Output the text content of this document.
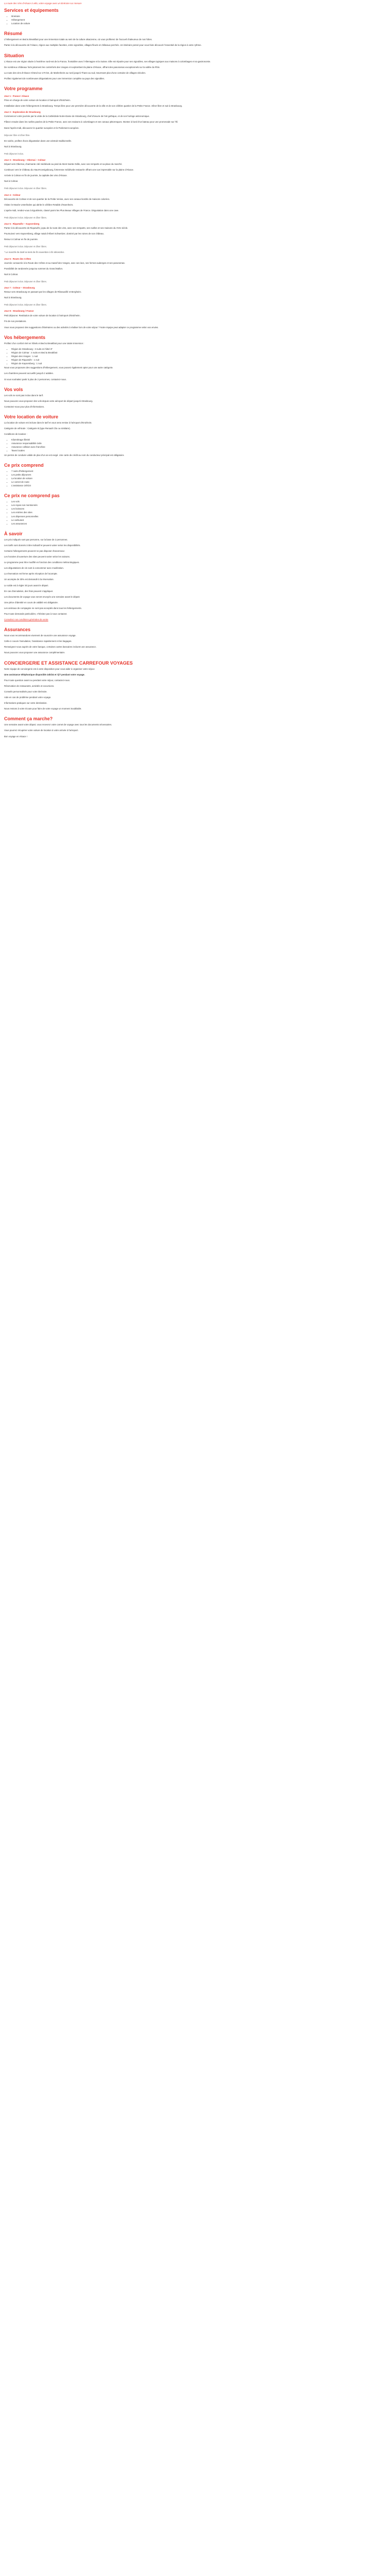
La route des Vins d'Alsace à vélo, votre voyage avec un itinéraire sur mesure
Services et équipements
• Itinéraire
• Hébergement
• Location de voiture
Résumé

L'hébergement en Bed & Breakfast pour une immersion totale au sein de la culture alsacienne, où vous profiterez de l'accueil chaleureux de nos hôtes.

Partez à la découverte de l'Alsace, région aux multiples facettes, entre vignobles, villages fleuris et châteaux perchés. Un itinéraire pensé pour vous faire découvrir l'essentiel de la région à votre rythme.

Situation

L'Alsace est une région située à l'extrême nord-est de la France, frontalière avec l'Allemagne et la Suisse. Elle est réputée pour ses vignobles, ses villages typiques aux maisons à colombages et sa gastronomie.

De nombreux châteaux forts jalonnent les contreforts des Vosges et surplombent la plaine d'Alsace, offrant des panoramas exceptionnels sur la vallée du Rhin.

La route des vins d'Alsace s'étend sur 170 km, de Marlenheim au nord jusqu'à Thann au sud, traversant plus d'une centaine de villages viticoles.

Profitez également de nombreuses dégustations pour une immersion complète au pays des vignobles.

Votre programme
Jour 1 : France / Alsace

Prise en charge de votre voiture de location à l'aéroport d'Entzheim.

Installation dans votre hébergement à Strasbourg. Temps libre pour une première découverte de la ville et de son célèbre quartier de la Petite France. Dîner libre et nuit à Strasbourg.

Jour 2 : Exploration de Strasbourg

Commencez votre journée par la visite de la Cathédrale Notre-Dame de Strasbourg, chef-d'œuvre de l'art gothique, et de son horloge astronomique.

Flânez ensuite dans les ruelles pavées de la Petite France, avec ses maisons à colombages et ses canaux pittoresques. Montez à bord d'un bateau pour une promenade sur l'Ill.

Dans l'après-midi, découvrez le quartier européen et le Parlement européen.

Déjeuner libre et dîner libre.

En soirée, profitez d'une dégustation dans une winstub traditionnelle.

Nuit à Strasbourg.

Petit déjeuner inclus.

Jour 3 : Strasbourg – Obernai – Colmar

Départ vers Obernai, charmante cité médiévale au pied du Mont Sainte-Odile, avec ses remparts et sa place du marché.

Continuez vers le Château du Haut-Koenigsbourg, forteresse médiévale restaurée offrant une vue imprenable sur la plaine d'Alsace.

Arrivée à Colmar en fin de journée, la capitale des vins d'Alsace.

Nuit à Colmar.

Petit déjeuner inclus. Déjeuner et dîner libres.

Jour 4 : Colmar

Découverte de Colmar et de son quartier de la Petite Venise, avec ses canaux bordés de maisons colorées.

Visitez le Musée Unterlinden qui abrite le célèbre Retable d'Issenheim.

L'après-midi, rendez-vous à Eguisheim, classé parmi les Plus Beaux Villages de France. Dégustation dans une cave.

Petit déjeuner inclus. Déjeuner et dîner libres.

Jour 5 : Riquewihr – Kaysersberg

Partez à la découverte de Riquewihr, joyau de la route des vins, avec ses remparts, ses ruelles et ses maisons du XVIe siècle.

Poursuivez vers Kaysersberg, village natal d'Albert Schweitzer, dominé par les ruines de son château.

Retour à Colmar en fin de journée.

Petit déjeuner inclus. Déjeuner et dîner libres.

* Le marché de Noël se tient de fin novembre à fin décembre.

Jour 6 : Route des Crêtes

Journée consacrée à la Route des Crêtes et au massif des Vosges, avec ses lacs, ses fermes-auberges et ses panoramas.

Possibilité de randonnée jusqu'au sommet du Grand Ballon.

Nuit à Colmar.

Petit déjeuner inclus. Déjeuner et dîner libres.

Jour 7 : Colmar – Strasbourg

Retour vers Strasbourg en passant par les villages de Ribeauvillé et Bergheim.

Nuit à Strasbourg.

Petit déjeuner inclus. Déjeuner et dîner libres.

Jour 8 : Strasbourg / France

Petit déjeuner. Restitution de votre voiture de location à l'aéroport d'Entzheim.

Fin de nos prestations.

Vous nous proposez des suggestions d'itinéraires ou des activités à réaliser lors de votre séjour ? Notre équipe peut adapter ce programme selon vos envies.

Vos hébergements

Profitez d'un confort réel en hôtels et Bed & Breakfast pour une totale immersion :

• Région de Strasbourg : 3 nuits en hôtel 3*
• Région de Colmar : 4 nuits en Bed & Breakfast
• Région des Vosges : 1 nuit
• Région de Riquewihr : 1 nuit
• Région de Kaysersberg : 1 nuit

Nous vous proposons des suggestions d'hébergement, vous pouvez également opter pour une autre catégorie.

Les chambres peuvent accueillir jusqu'à 2 adultes.

Si vous souhaitez partir à plus de 2 personnes, contactez-nous.

Vos vols

Les vols ne sont pas inclus dans le tarif.

Nous pouvons vous proposer des vols depuis votre aéroport de départ jusqu'à Strasbourg.

Contactez-nous pour plus d'informations.

Votre location de voiture

La location de voiture est incluse dans le tarif et vous sera remise à l'aéroport d'Entzheim.

Catégorie de véhicule : Catégorie B (type Renault Clio ou similaire).

Conditions de location :

• Kilométrage illimité
• Assurance responsabilité civile
• Assurance collision avec franchise
• Taxes locales

Un permis de conduire valide de plus d'un an est exigé. Une carte de crédit au nom du conducteur principal est obligatoire.

Ce prix comprend
• 7 nuits d'hébergement
• Les petits déjeuners
• La location de voiture
• Le carnet de route
• L'assistance 24h/24
Ce prix ne comprend pas
• Les vols
• Les repas non mentionnés
• Les boissons
• Les entrées des sites
• Les dépenses personnelles
• Le carburant
• Les assurances
À savoir

Les prix indiqués sont par personne, sur la base de 2 personnes.

Les tarifs sont donnés à titre indicatif et peuvent varier selon les disponibilités.

Certains hébergements peuvent ne pas disposer d'ascenseur.

Les horaires d'ouverture des sites peuvent varier selon les saisons.

Le programme peut être modifié en fonction des conditions météorologiques.

Les dégustations de vin sont à consommer avec modération.

La réservation est ferme après réception de l'acompte.

Un acompte de 30% est demandé à la réservation.

Le solde est à régler 30 jours avant le départ.

En cas d'annulation, des frais peuvent s'appliquer.

Les documents de voyage vous seront envoyés une semaine avant le départ.

Une pièce d'identité en cours de validité est obligatoire.

Les animaux de compagnie ne sont pas acceptés dans tous les hébergements.

Pour toute demande particulière, n'hésitez pas à nous contacter.

Consultez nos conditions générales de vente

Assurances

Nous vous recommandons vivement de souscrire une assurance voyage.

Celle-ci couvre l'annulation, l'assistance rapatriement et les bagages.

Renseignez-vous auprès de votre banque, certaines cartes bancaires incluent une assurance.

Nous pouvons vous proposer une assurance complémentaire.

CONCIERGERIE ET ASSISTANCE CARREFOUR VOYAGES

Notre équipe de conciergerie est à votre disposition pour vous aider à organiser votre séjour.

Une assistance téléphonique disponible 24h/24 et 7j/7 pendant votre voyage.

Pour toute question avant ou pendant votre séjour, contactez-nous.

Réservation de restaurants, activités et excursions.

Conseils personnalisés pour votre itinéraire.

Aide en cas de problème pendant votre voyage.

Informations pratiques sur votre destination.

Nous restons à votre écoute pour faire de votre voyage un moment inoubliable.

Comment ça marche?

Une semaine avant votre départ, vous recevrez votre carnet de voyage avec tous les documents nécessaires.

Vous pourrez récupérer votre voiture de location à votre arrivée à l'aéroport.

Bon voyage en Alsace !
